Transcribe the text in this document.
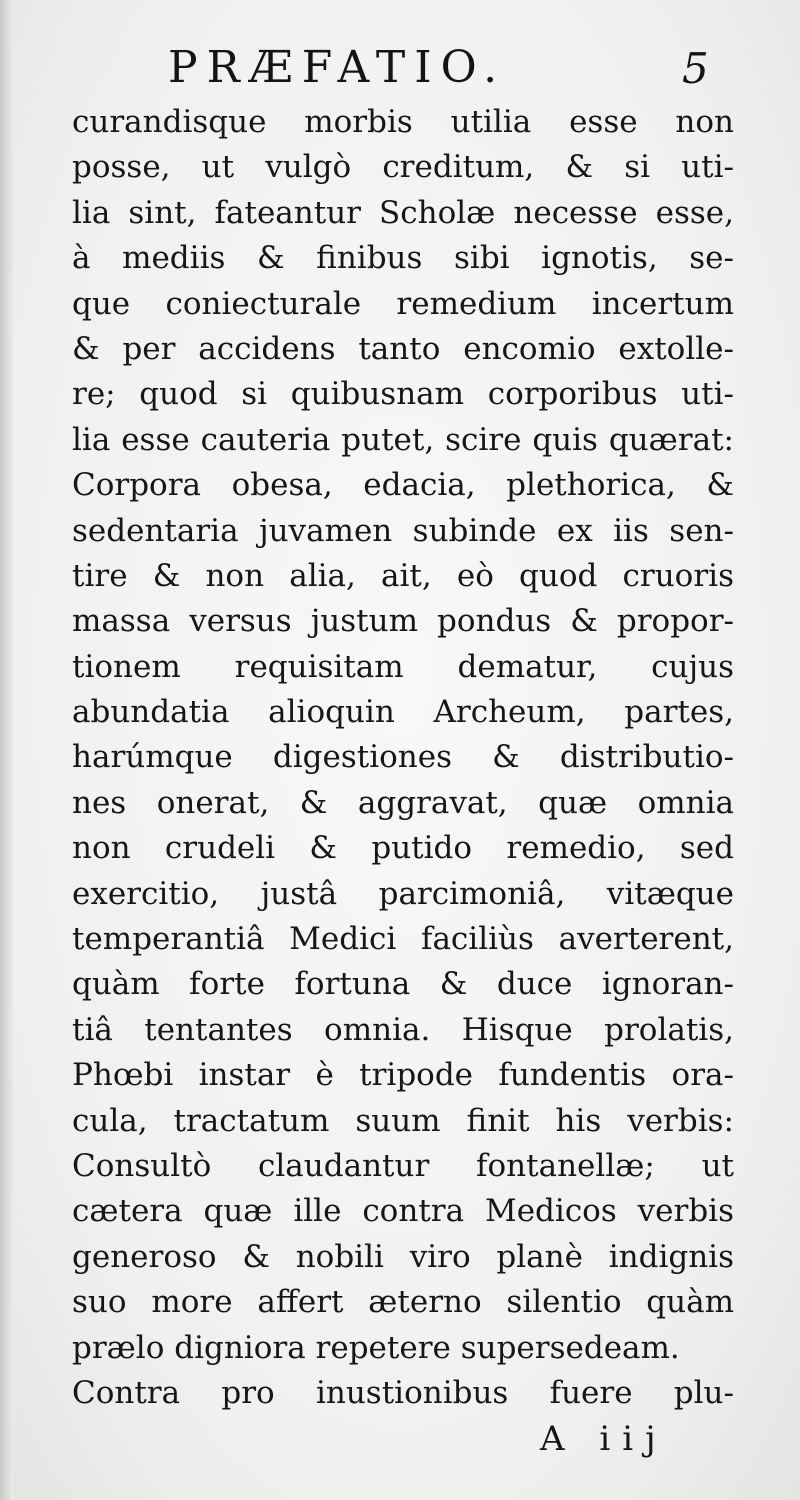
PRÆFATIO.	5
curandisque morbis utilia esse non
posse, ut vulgò creditum, & si uti-
lia sint, fateantur Scholæ necesse esse,
à mediis & finibus sibi ignotis, se-
que coniecturale remedium incertum
& per accidens tanto encomio extolle-
re; quod si quibusnam corporibus uti-
lia esse cauteria putet, scire quis quærat:
Corpora obesa, edacia, plethorica, &
sedentaria juvamen subinde ex iis sen-
tire & non alia, ait, eò quod cruoris
massa versus justum pondus & propor-
tionem requisitam dematur, cujus
abundatia alioquin Archeum, partes,
harúmque digestiones & distributio-
nes onerat, & aggravat, quæ omnia
non crudeli & putido remedio, sed
exercitio, justâ parcimoniâ, vitæque
temperantiâ Medici faciliùs averterent,
quàm forte fortuna & duce ignoran-
tiâ tentantes omnia. Hisque prolatis,
Phœbi instar è tripode fundentis ora-
cula, tractatum suum finit his verbis:
Consultò claudantur fontanellæ; ut
cætera quæ ille contra Medicos verbis
generoso & nobili viro planè indignis
suo more affert æterno silentio quàm
prælo digniora repetere supersedeam.
Contra pro inustionibus fuere plu-
A iij
